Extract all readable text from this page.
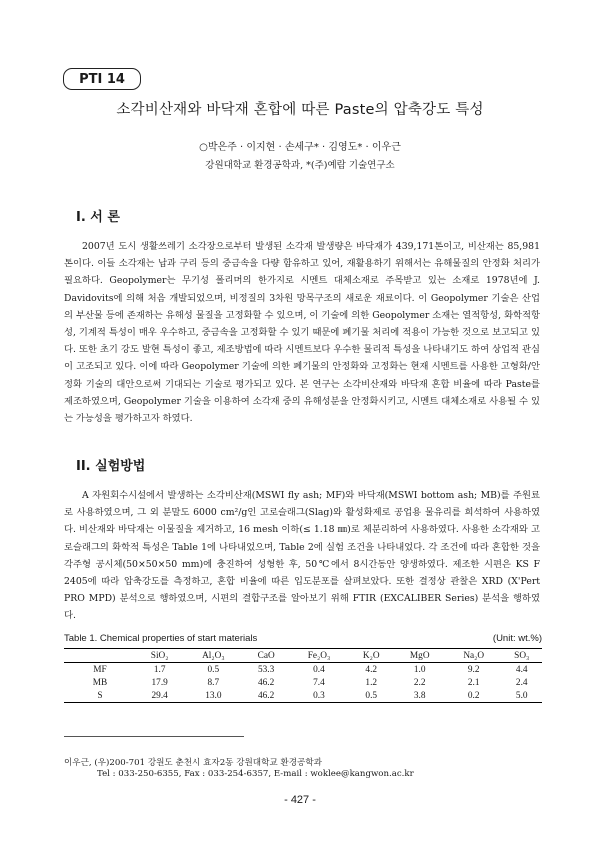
PTI 14
소각비산재와 바닥재 혼합에 따른 Paste의 압축강도 특성
○박은주 · 이지현 · 손세구* · 김영도* · 이우근
강원대학교 환경공학과, *(주)예람 기술연구소
I. 서 론

2007년 도시 생활쓰레기 소각장으로부터 발생된 소각재 발생량은 바닥재가 439,171톤이고, 비산재는 85,981톤이다. 이들 소각재는 납과 구리 등의 중금속을 다량 함유하고 있어, 재활용하기 위해서는 유해물질의 안정화 처리가 필요하다. Geopolymer는 무기성 폴리머의 한가지로 시멘트 대체소재로 주목받고 있는 소재로 1978년에 J. Davidovits에 의해 처음 개발되었으며, 비정질의 3차원 망목구조의 새로운 재료이다. 이 Geopolymer 기술은 산업의 부산물 등에 존재하는 유해성 물질을 고정화할 수 있으며, 이 기술에 의한 Geopolymer 소재는 열적항성, 화학적항성, 기계적 특성이 매우 우수하고, 중금속을 고정화할 수 있기 때문에 폐기물 처리에 적용이 가능한 것으로 보고되고 있다. 또한 초기 강도 발현 특성이 좋고, 제조방법에 따라 시멘트보다 우수한 물리적 특성을 나타내기도 하여 상업적 관심이 고조되고 있다. 이에 따라 Geopolymer 기술에 의한 폐기물의 안정화와 고정화는 현재 시멘트를 사용한 고형화/안정화 기술의 대안으로써 기대되는 기술로 평가되고 있다. 본 연구는 소각비산재와 바닥재 혼합 비율에 따라 Paste를 제조하였으며, Geopolymer 기술을 이용하여 소각재 중의 유해성분을 안정화시키고, 시멘트 대체소재로 사용될 수 있는 가능성을 평가하고자 하였다.

II. 실험방법

A 자원회수시설에서 발생하는 소각비산재(MSWI fly ash; MF)와 바닥재(MSWI bottom ash; MB)를 주원료로 사용하였으며, 그 외 분말도 6000 cm²/g인 고로슬래그(Slag)와 활성화제로 공업용 물유리를 희석하여 사용하였다. 비산재와 바닥재는 이물질을 제거하고, 16 mesh 이하(≤ 1.18 ㎜)로 체분리하여 사용하였다. 사용한 소각재와 고로슬래그의 화학적 특성은 Table 1에 나타내었으며, Table 2에 실험 조건을 나타내었다. 각 조건에 따라 혼합한 것을 각주형 공시체(50×50×50 mm)에 충진하여 성형한 후, 50℃에서 8시간동안 양생하였다. 제조한 시편은 KS F 2405에 따라 압축강도를 측정하고, 혼합 비율에 따른 입도분포를 살펴보았다. 또한 결정상 관찰은 XRD (X'Pert PRO MPD) 분석으로 행하였으며, 시편의 결합구조를 알아보기 위해 FTIR (EXCALIBER Series) 분석을 행하였다.

Table 1. Chemical properties of start materials	(Unit: wt.%)
	SiO₂	Al₂O₃	CaO	Fe₂O₃	K₂O	MgO	Na₂O	SO₃
MF	1.7	0.5	53.3	0.4	4.2	1.0	9.2	4.4
MB	17.9	8.7	46.2	7.4	1.2	2.2	2.1	2.4
S	29.4	13.0	46.2	0.3	0.5	3.8	0.2	5.0
이우근, (우)200-701 강원도 춘천시 효자2동 강원대학교 환경공학과
Tel : 033-250-6355, Fax : 033-254-6357, E-mail : woklee@kangwon.ac.kr
- 427 -
